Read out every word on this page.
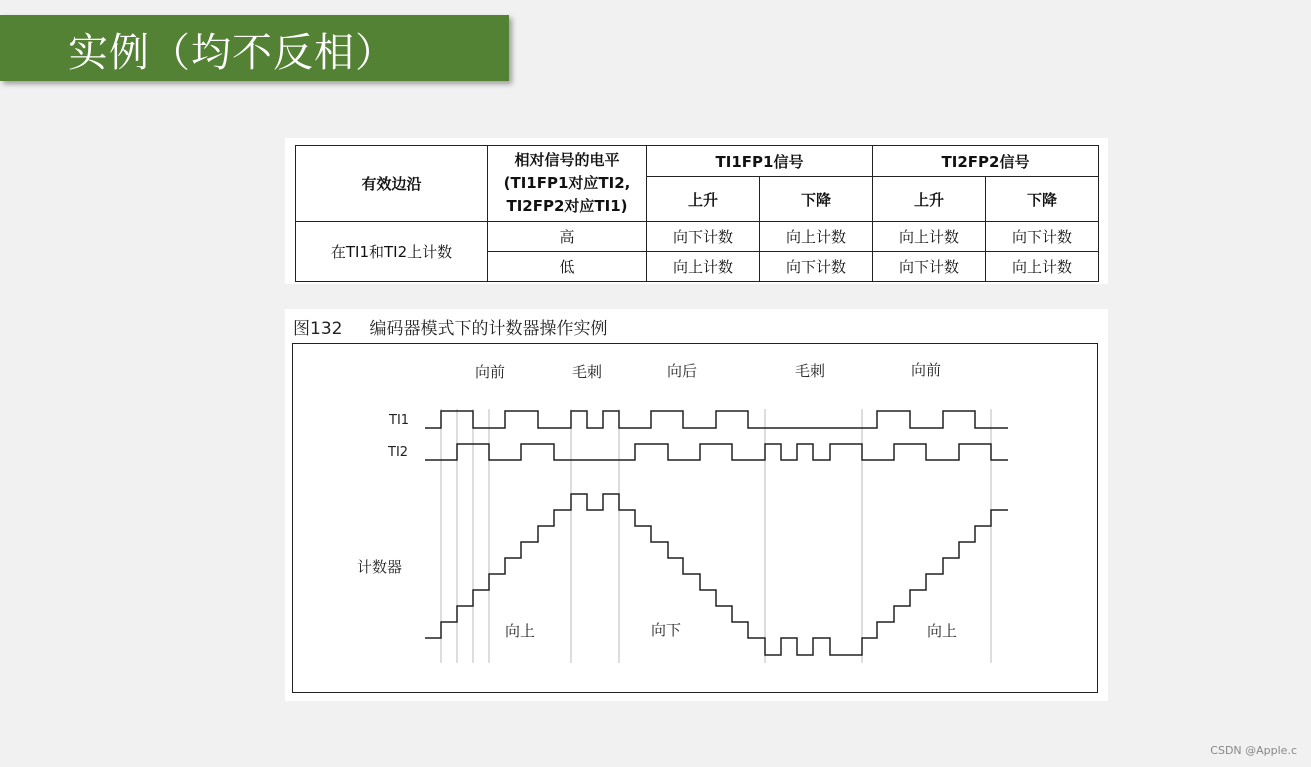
实例（均不反相）
有效边沿	相对信号的电平
(TI1FP1对应TI2,
TI2FP2对应TI1)	TI1FP1信号		TI2FP2信号	
		上升	下降	上升	下降
在TI1和TI2上计数	高	向下计数	向上计数	向上计数	向下计数
	低	向上计数	向下计数	向下计数	向上计数
图132     编码器模式下的计数器操作实例
向前	毛刺	向后	毛刺	向前
TI1
TI2
计数器
向上	向下	向上
CSDN @Apple.c
